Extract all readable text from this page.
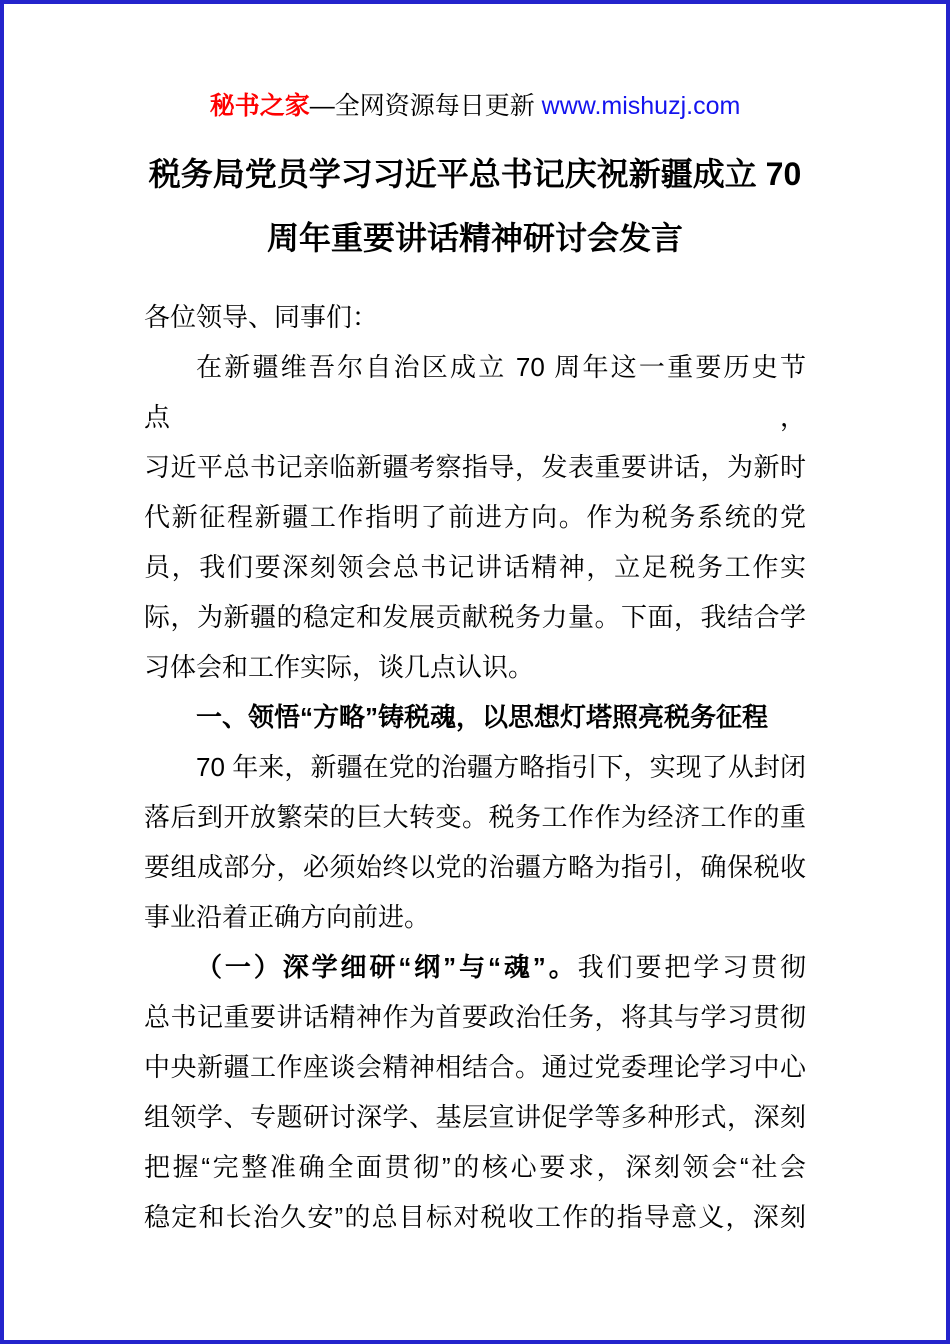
秘书之家—全网资源每日更新 www.mishuzj.com
税务局党员学习习近平总书记庆祝新疆成立 70
周年重要讲话精神研讨会发言
各位领导、同事们：
在新疆维吾尔自治区成立 70 周年这一重要历史节点，
习近平总书记亲临新疆考察指导，发表重要讲话，为新时
代新征程新疆工作指明了前进方向。作为税务系统的党
员，我们要深刻领会总书记讲话精神，立足税务工作实
际，为新疆的稳定和发展贡献税务力量。下面，我结合学
习体会和工作实际，谈几点认识。
一、领悟“方略”铸税魂，以思想灯塔照亮税务征程
70 年来，新疆在党的治疆方略指引下，实现了从封闭
落后到开放繁荣的巨大转变。税务工作作为经济工作的重
要组成部分，必须始终以党的治疆方略为指引，确保税收
事业沿着正确方向前进。
（一）深学细研“纲”与“魂”。我们要把学习贯彻
总书记重要讲话精神作为首要政治任务，将其与学习贯彻
中央新疆工作座谈会精神相结合。通过党委理论学习中心
组领学、专题研讨深学、基层宣讲促学等多种形式，深刻
把握“完整准确全面贯彻”的核心要求，深刻领会“社会
稳定和长治久安”的总目标对税收工作的指导意义，深刻
